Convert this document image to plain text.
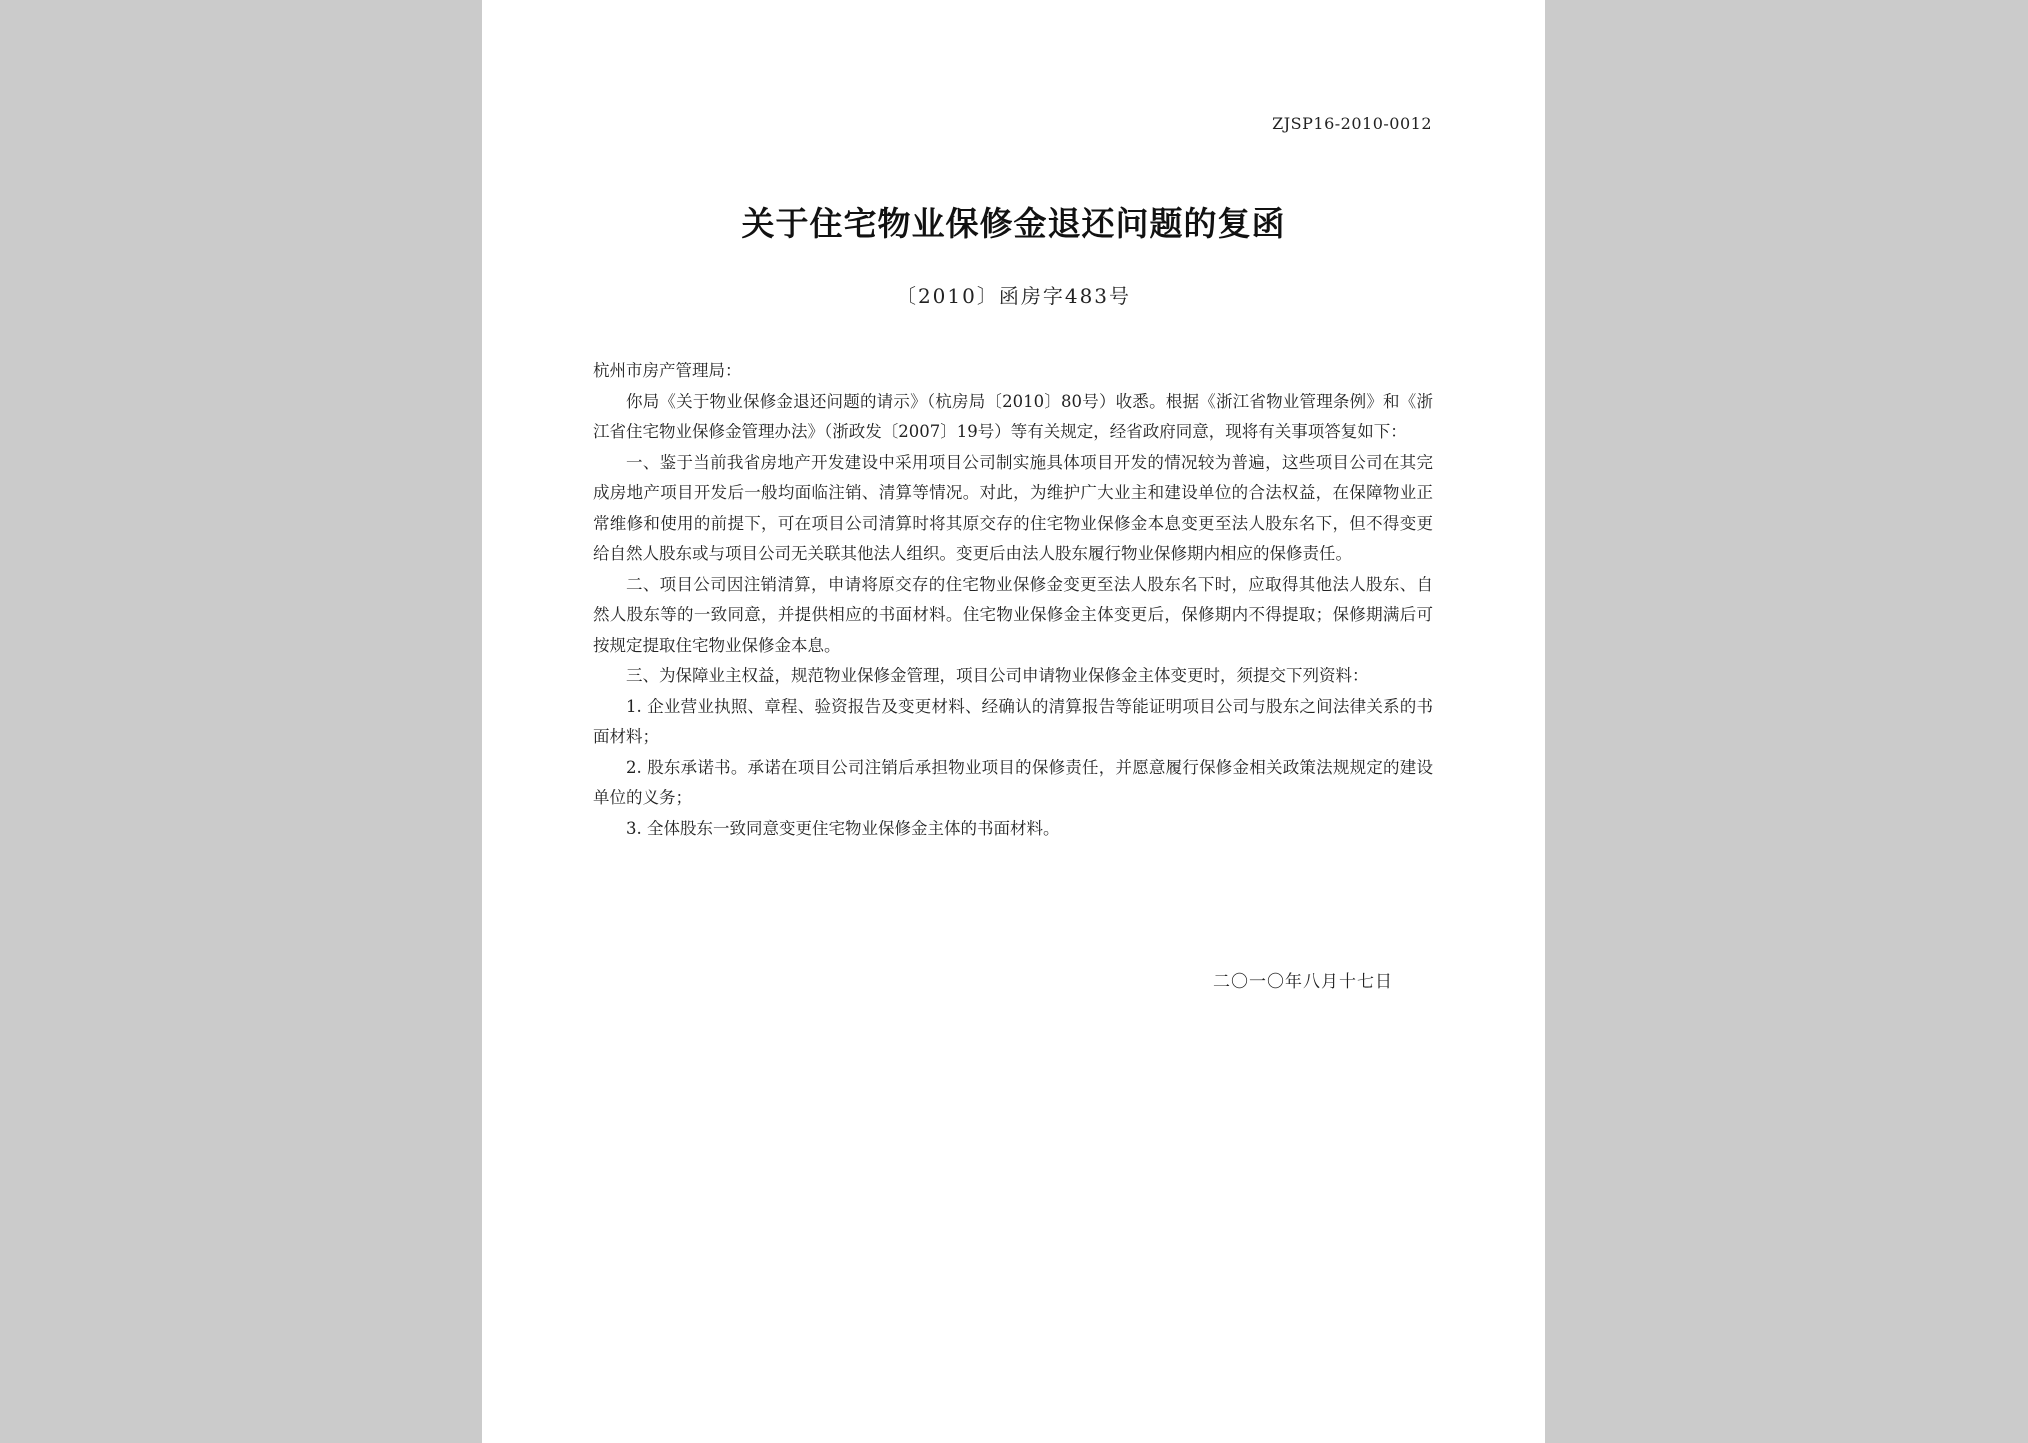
ZJSP16-2010-0012
关于住宅物业保修金退还问题的复函
〔2010〕函房字483号

杭州市房产管理局：

你局《关于物业保修金退还问题的请示》（杭房局〔2010〕80号）收悉。根据《浙江省物业管理条例》和《浙江省住宅物业保修金管理办法》（浙政发〔2007〕19号）等有关规定，经省政府同意，现将有关事项答复如下：

一、鉴于当前我省房地产开发建设中采用项目公司制实施具体项目开发的情况较为普遍，这些项目公司在其完成房地产项目开发后一般均面临注销、清算等情况。对此，为维护广大业主和建设单位的合法权益，在保障物业正常维修和使用的前提下，可在项目公司清算时将其原交存的住宅物业保修金本息变更至法人股东名下，但不得变更给自然人股东或与项目公司无关联其他法人组织。变更后由法人股东履行物业保修期内相应的保修责任。

二、项目公司因注销清算，申请将原交存的住宅物业保修金变更至法人股东名下时，应取得其他法人股东、自然人股东等的一致同意，并提供相应的书面材料。住宅物业保修金主体变更后，保修期内不得提取；保修期满后可按规定提取住宅物业保修金本息。

三、为保障业主权益，规范物业保修金管理，项目公司申请物业保修金主体变更时，须提交下列资料：

1. 企业营业执照、章程、验资报告及变更材料、经确认的清算报告等能证明项目公司与股东之间法律关系的书面材料；

2. 股东承诺书。承诺在项目公司注销后承担物业项目的保修责任，并愿意履行保修金相关政策法规规定的建设单位的义务；

3. 全体股东一致同意变更住宅物业保修金主体的书面材料。

二〇一〇年八月十七日
